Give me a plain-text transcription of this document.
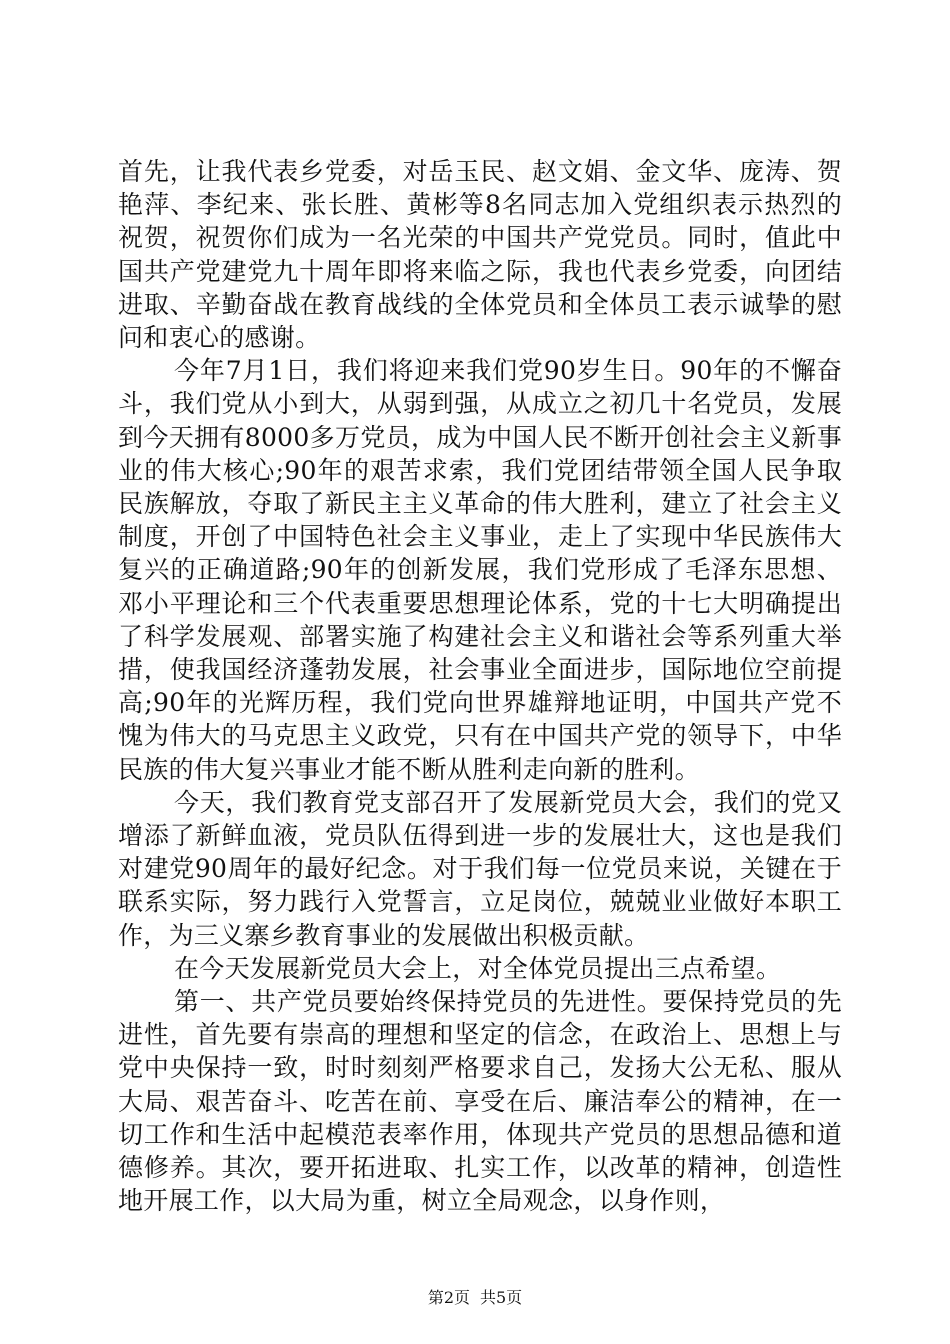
首先，让我代表乡党委，对岳玉民、赵文娟、金文华、庞涛、贺艳萍、李纪来、张长胜、黄彬等8名同志加入党组织表示热烈的祝贺，祝贺你们成为一名光荣的中国共产党党员。同时，值此中国共产党建党九十周年即将来临之际，我也代表乡党委，向团结进取、辛勤奋战在教育战线的全体党员和全体员工表示诚挚的慰问和衷心的感谢。

今年7月1日，我们将迎来我们党90岁生日。90年的不懈奋斗，我们党从小到大，从弱到强，从成立之初几十名党员，发展到今天拥有8000多万党员，成为中国人民不断开创社会主义新事业的伟大核心;90年的艰苦求索，我们党团结带领全国人民争取民族解放，夺取了新民主主义革命的伟大胜利，建立了社会主义制度，开创了中国特色社会主义事业，走上了实现中华民族伟大复兴的正确道路;90年的创新发展，我们党形成了毛泽东思想、邓小平理论和三个代表重要思想理论体系，党的十七大明确提出了科学发展观、部署实施了构建社会主义和谐社会等系列重大举措，使我国经济蓬勃发展，社会事业全面进步，国际地位空前提高;90年的光辉历程，我们党向世界雄辩地证明，中国共产党不愧为伟大的马克思主义政党，只有在中国共产党的领导下，中华民族的伟大复兴事业才能不断从胜利走向新的胜利。

今天，我们教育党支部召开了发展新党员大会，我们的党又增添了新鲜血液，党员队伍得到进一步的发展壮大，这也是我们对建党90周年的最好纪念。对于我们每一位党员来说，关键在于联系实际，努力践行入党誓言，立足岗位，兢兢业业做好本职工作，为三义寨乡教育事业的发展做出积极贡献。

在今天发展新党员大会上，对全体党员提出三点希望。

第一、共产党员要始终保持党员的先进性。要保持党员的先进性，首先要有崇高的理想和坚定的信念，在政治上、思想上与党中央保持一致，时时刻刻严格要求自己，发扬大公无私、服从大局、艰苦奋斗、吃苦在前、享受在后、廉洁奉公的精神，在一切工作和生活中起模范表率作用，体现共产党员的思想品德和道德修养。其次，要开拓进取、扎实工作，以改革的精神，创造性地开展工作，以大局为重，树立全局观念，以身作则，

第2页 共5页
